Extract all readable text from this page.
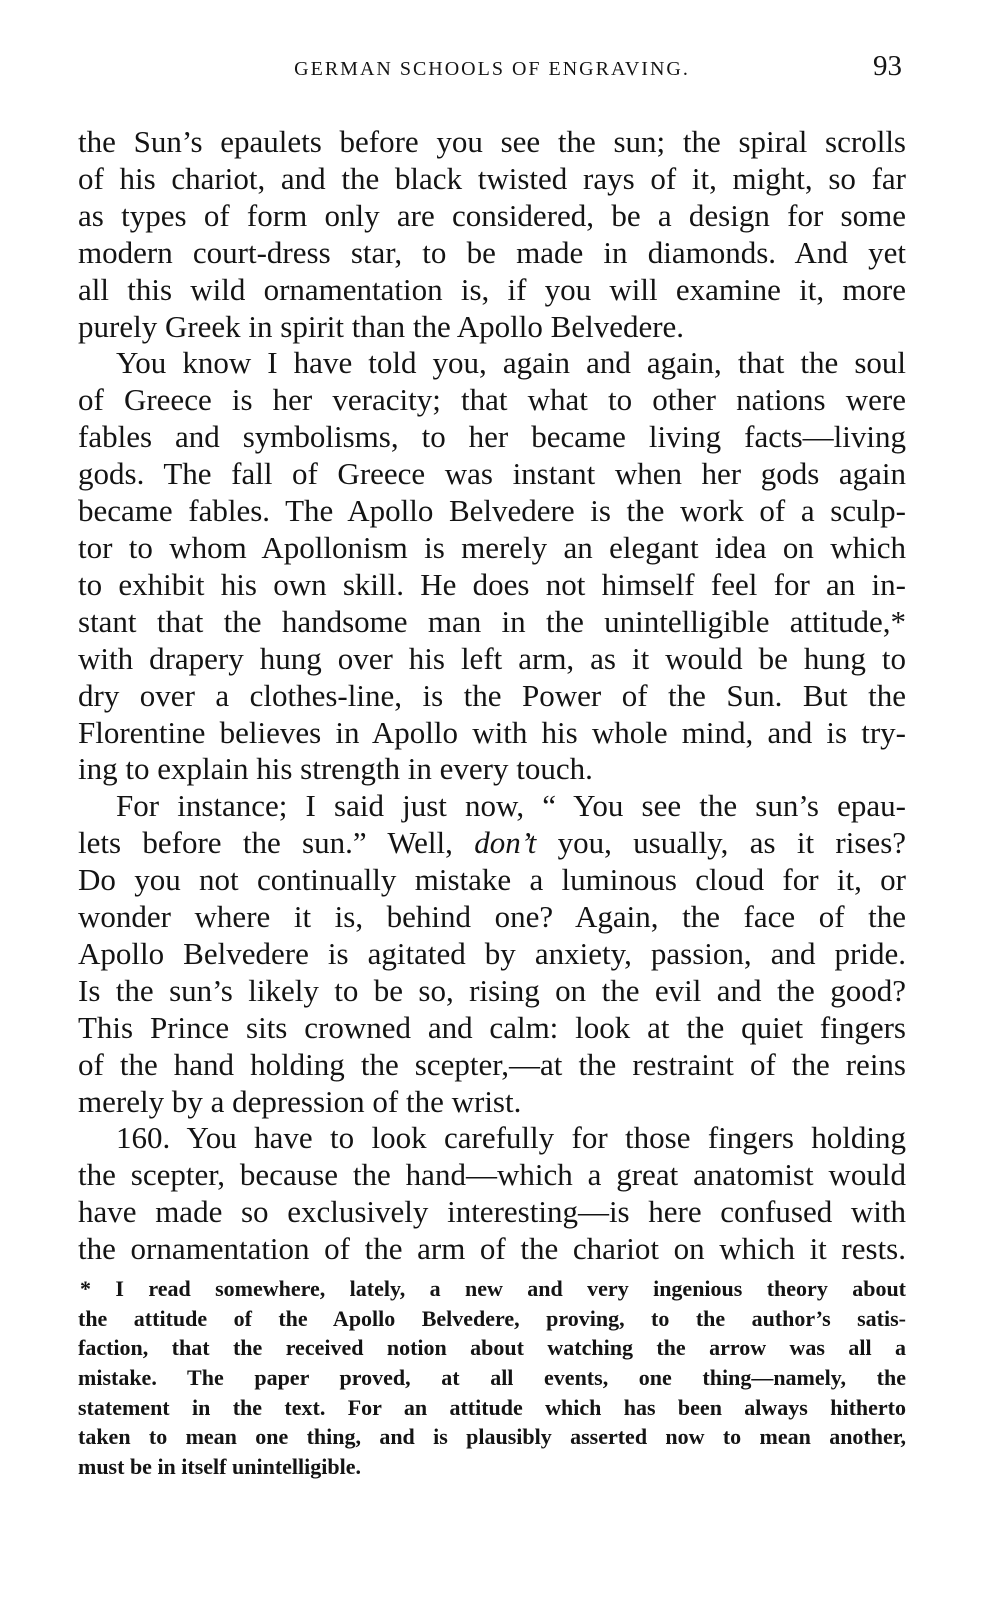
GERMAN SCHOOLS OF ENGRAVING.	93
the Sun’s epaulets before you see the sun; the spiral scrolls
of his chariot, and the black twisted rays of it, might, so far
as types of form only are considered, be a design for some
modern court-dress star, to be made in diamonds. And yet
all this wild ornamentation is, if you will examine it, more
purely Greek in spirit than the Apollo Belvedere.
You know I have told you, again and again, that the soul
of Greece is her veracity; that what to other nations were
fables and symbolisms, to her became living facts—living
gods. The fall of Greece was instant when her gods again
became fables. The Apollo Belvedere is the work of a sculp-
tor to whom Apollonism is merely an elegant idea on which
to exhibit his own skill. He does not himself feel for an in-
stant that the handsome man in the unintelligible attitude,*
with drapery hung over his left arm, as it would be hung to
dry over a clothes-line, is the Power of the Sun. But the
Florentine believes in Apollo with his whole mind, and is try-
ing to explain his strength in every touch.
For instance; I said just now, “ You see the sun’s epau-
lets before the sun.” Well, don’t you, usually, as it rises?
Do you not continually mistake a luminous cloud for it, or
wonder where it is, behind one? Again, the face of the
Apollo Belvedere is agitated by anxiety, passion, and pride.
Is the sun’s likely to be so, rising on the evil and the good?
This Prince sits crowned and calm: look at the quiet fingers
of the hand holding the scepter,—at the restraint of the reins
merely by a depression of the wrist.
160. You have to look carefully for those fingers holding
the scepter, because the hand—which a great anatomist would
have made so exclusively interesting—is here confused with
the ornamentation of the arm of the chariot on which it rests.
* I read somewhere, lately, a new and very ingenious theory about
the attitude of the Apollo Belvedere, proving, to the author’s satis-
faction, that the received notion about watching the arrow was all a
mistake. The paper proved, at all events, one thing—namely, the
statement in the text. For an attitude which has been always hitherto
taken to mean one thing, and is plausibly asserted now to mean another,
must be in itself unintelligible.
